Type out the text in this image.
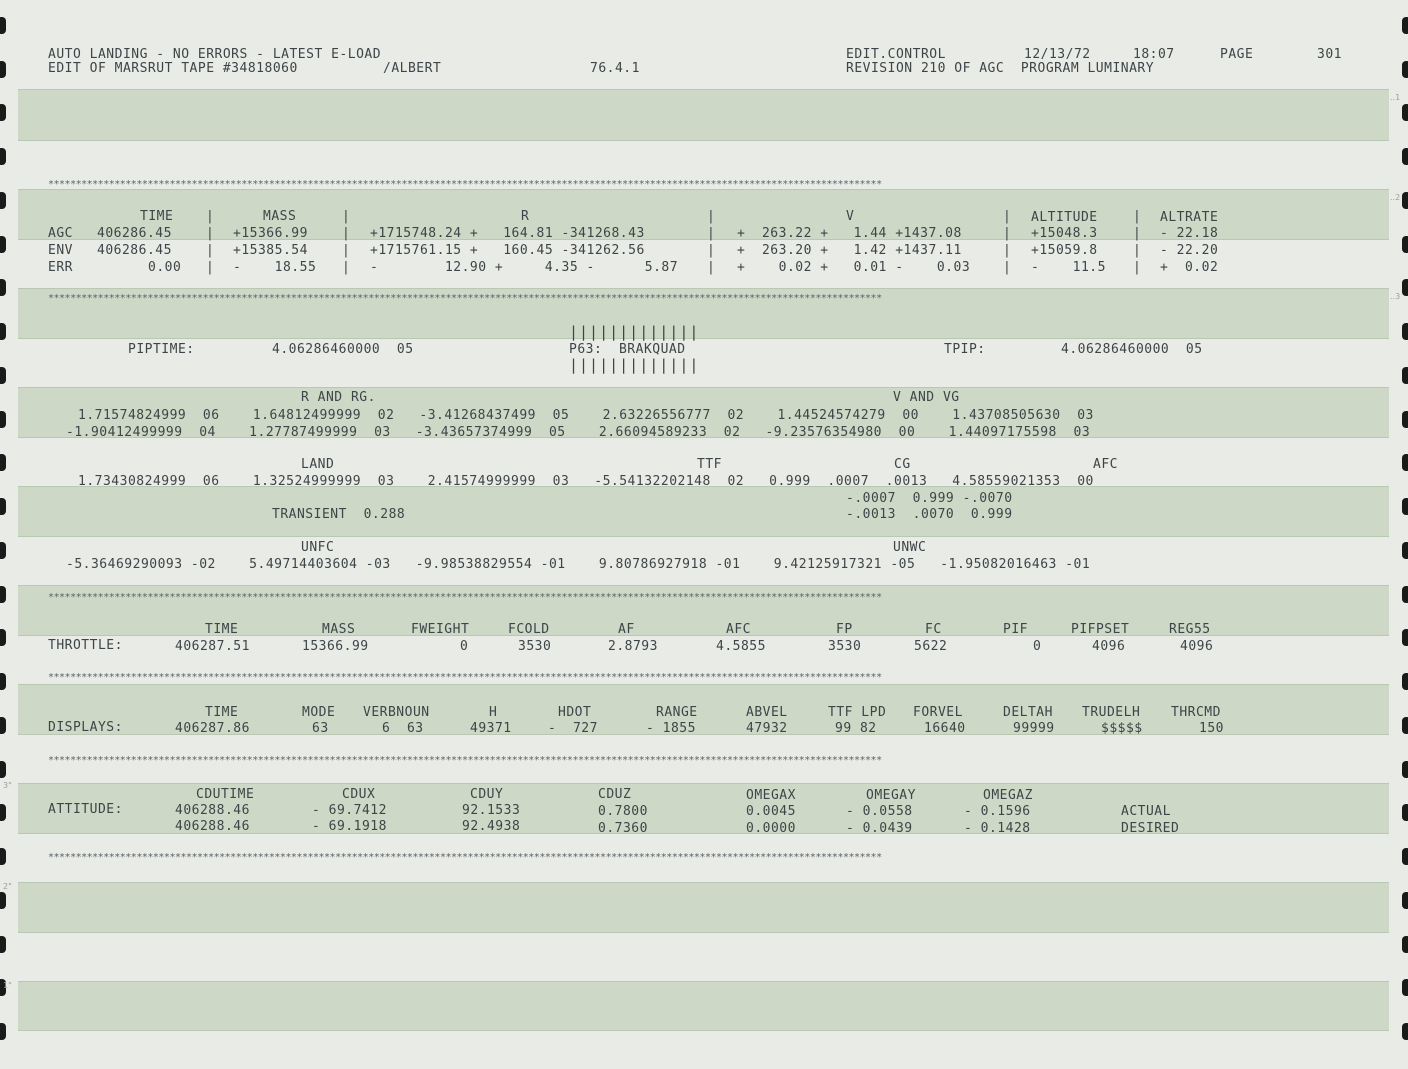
..1
..2
..3
3"
2"
1"
AUTO LANDING - NO ERRORS - LATEST E-LOAD
EDIT OF MARSRUT TAPE #34818060	/ALBERT	76.4.1
EDIT.CONTROL	12/13/72	18:07	PAGE	301
REVISION 210 OF AGC  PROGRAM LUMINARY
*******************************************************************************************************************************************************
*******************************************************************************************************************************************************
*******************************************************************************************************************************************************
*******************************************************************************************************************************************************
*******************************************************************************************************************************************************
*******************************************************************************************************************************************************
TIME	MASS	R	V	ALTITUDE	ALTRATE
|	|	|	|	|
AGC 406286.45	| +15366.99	| +1715748.24 +   164.81 -341268.43	| +  263.22 +   1.44 +1437.08	| +15048.3	| - 22.18
ENV 406286.45	| +15385.54	| +1715761.15 +   160.45 -341262.56	| +  263.20 +   1.42 +1437.11	| +15059.8	| - 22.20
ERR	0.00 | -    18.55 | -        12.90 +     4.35 -      5.87 | +    0.02 +   0.01 -    0.03	| -    11.5 | +  0.02
|||||||||||||
PIPTIME:	4.06286460000  05	P63:  BRAKQUAD
|||||||||||||
TPIP:	4.06286460000  05
R AND RG.	V AND VG
1.71574824999  06    1.64812499999  02   -3.41268437499  05    2.63226556777  02    1.44524574279  00    1.43708505630  03
-1.90412499999  04    1.27787499999  03   -3.43657374999  05    2.66094589233  02   -9.23576354980  00    1.44097175598  03
LAND	TTF	CG	AFC
1.73430824999  06    1.32524999999  03    2.41574999999  03   -5.54132202148  02   0.999  .0007  .0013   4.58559021353  00
-.0007  0.999 -.0070
TRANSIENT  0.288	-.0013  .0070  0.999
UNFC	UNWC
-5.36469290093 -02    5.49714403604 -03   -9.98538829554 -01    9.80786927918 -01    9.42125917321 -05   -1.95082016463 -01
TIME	MASS	FWEIGHT	FCOLD	AF	AFC	FP	FC	PIF	PIFPSET	REG55
THROTTLE:	406287.51	15366.99	0	3530	2.8793	4.5855	3530	5622	0	4096	4096
TIME	MODE VERBNOUN	H	HDOT	RANGE	ABVEL	TTF LPD FORVEL	DELTAH TRUDELH THRCMD
DISPLAYS:	406287.86	63	6  63	49371	-  727	- 1855	47932	99 82	16640	99999	$$$$$	150
CDUTIME	CDUX	CDUY	CDUZ	OMEGAX	OMEGAY	OMEGAZ
ATTITUDE:	406288.46	- 69.7412	92.1533	0.7800	0.0045	- 0.0558	- 0.1596	ACTUAL
406288.46	- 69.1918	92.4938	0.7360	0.0000	- 0.0439	- 0.1428	DESIRED
